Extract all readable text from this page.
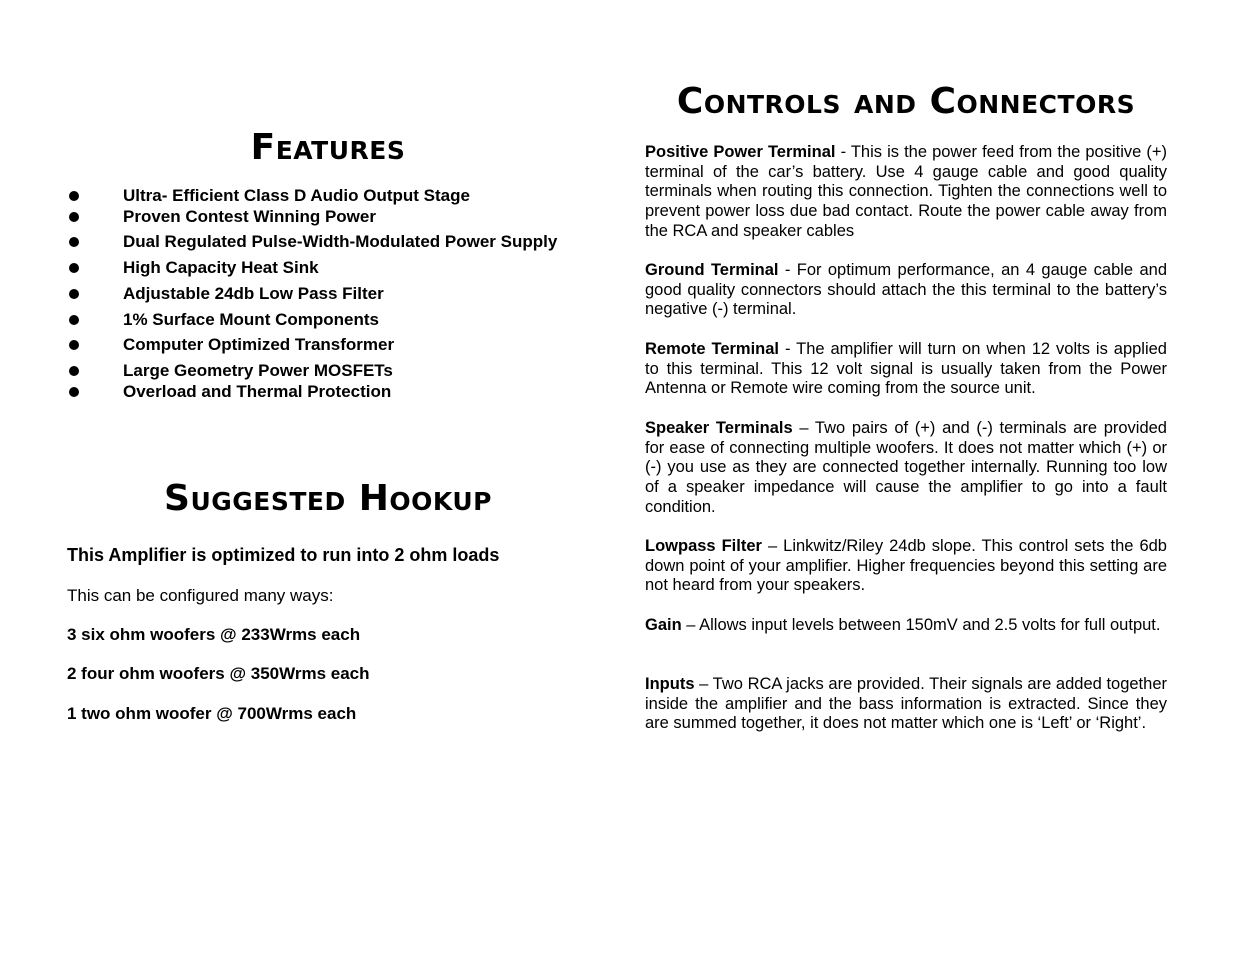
Features
Ultra- Efficient Class D Audio Output Stage
Proven Contest Winning Power
Dual Regulated Pulse-Width-Modulated Power Supply
High Capacity Heat Sink
Adjustable 24db Low Pass Filter
1% Surface Mount Components
Computer Optimized Transformer
Large Geometry Power MOSFETs
Overload and Thermal Protection
Suggested Hookup
This Amplifier is optimized to run into 2 ohm loads
This can be configured many ways:
3 six ohm woofers @ 233Wrms each
2 four ohm woofers @ 350Wrms each
1 two ohm woofer @ 700Wrms each
Controls and Connectors

Positive Power Terminal - This is the power feed from the positive (+) terminal of the car’s battery. Use 4 gauge cable and good quality terminals when routing this connection. Tighten the connections well to prevent power loss due bad contact. Route the power cable away from the RCA and speaker cables

Ground Terminal - For optimum performance, an 4 gauge cable and good quality connectors should attach the this terminal to the battery’s negative (-) terminal.

Remote Terminal - The amplifier will turn on when 12 volts is applied to this terminal. This 12 volt signal is usually taken from the Power Antenna or Remote wire coming from the source unit.

Speaker Terminals – Two pairs of (+) and (-) terminals are provided for ease of connecting multiple woofers. It does not matter which (+) or (-) you use as they are connected together internally. Running too low of a speaker impedance will cause the amplifier to go into a fault condition.

Lowpass Filter – Linkwitz/Riley 24db slope. This control sets the 6db down point of your amplifier. Higher frequencies beyond this setting are not heard from your speakers.

Gain – Allows input levels between 150mV and 2.5 volts for full output.

Inputs – Two RCA jacks are provided. Their signals are added together inside the amplifier and the bass information is extracted. Since they are summed together, it does not matter which one is ‘Left’ or ‘Right’.
